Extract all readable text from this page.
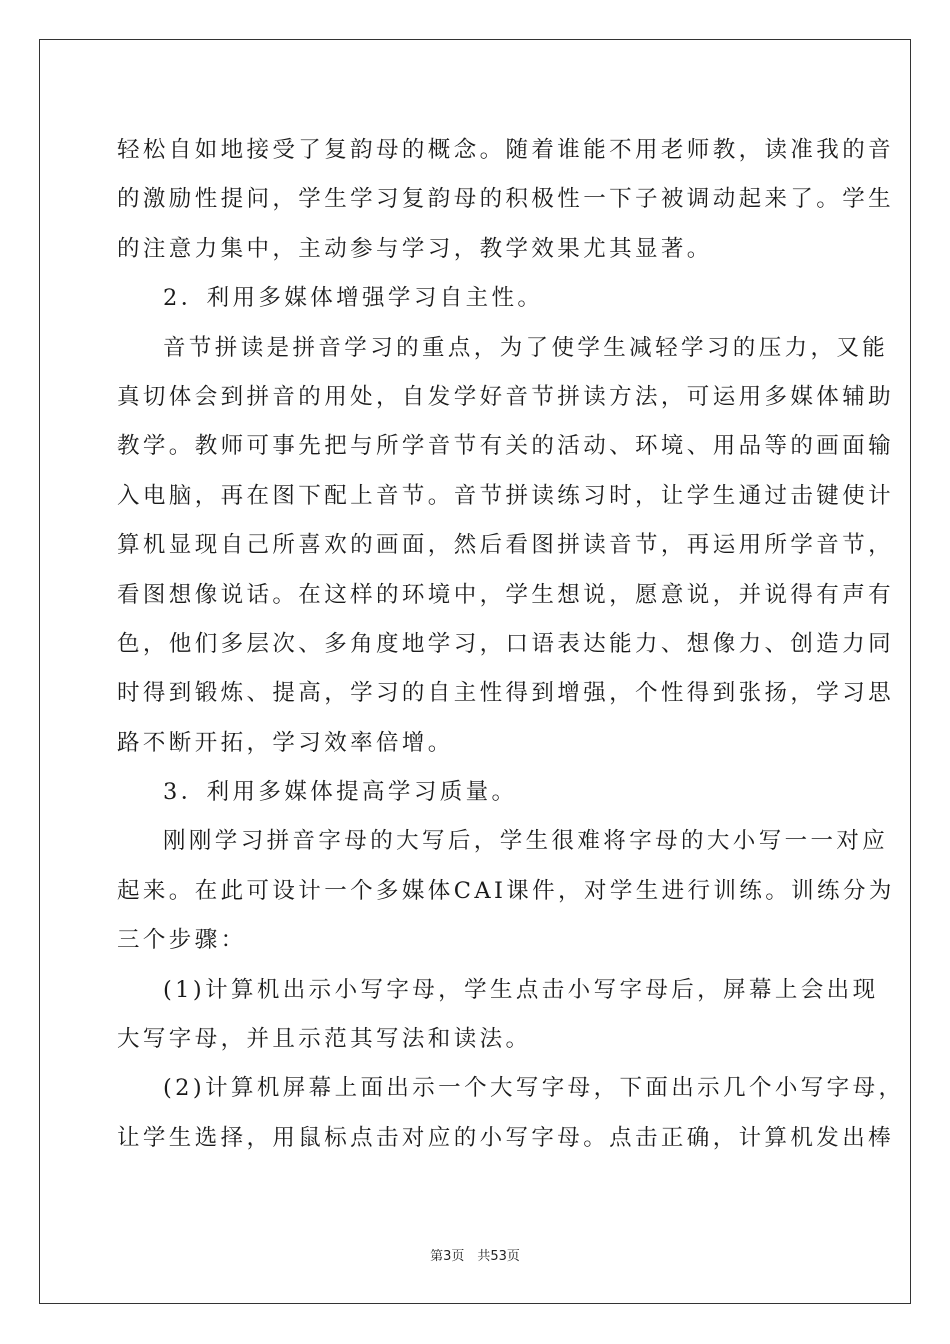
轻松自如地接受了复韵母的概念。随着谁能不用老师教，读准我的音
的激励性提问，学生学习复韵母的积极性一下子被调动起来了。学生
的注意力集中，主动参与学习，教学效果尤其显著。
2．利用多媒体增强学习自主性。
音节拼读是拼音学习的重点，为了使学生减轻学习的压力，又能
真切体会到拼音的用处，自发学好音节拼读方法，可运用多媒体辅助
教学。教师可事先把与所学音节有关的活动、环境、用品等的画面输
入电脑，再在图下配上音节。音节拼读练习时，让学生通过击键使计
算机显现自己所喜欢的画面，然后看图拼读音节，再运用所学音节，
看图想像说话。在这样的环境中，学生想说，愿意说，并说得有声有
色，他们多层次、多角度地学习，口语表达能力、想像力、创造力同
时得到锻炼、提高，学习的自主性得到增强，个性得到张扬，学习思
路不断开拓，学习效率倍增。
3．利用多媒体提高学习质量。
刚刚学习拼音字母的大写后，学生很难将字母的大小写一一对应
起来。在此可设计一个多媒体CAI课件，对学生进行训练。训练分为
三个步骤：
(1)计算机出示小写字母，学生点击小写字母后，屏幕上会出现
大写字母，并且示范其写法和读法。
(2)计算机屏幕上面出示一个大写字母，下面出示几个小写字母，
让学生选择，用鼠标点击对应的小写字母。点击正确，计算机发出棒
第3页　共53页
